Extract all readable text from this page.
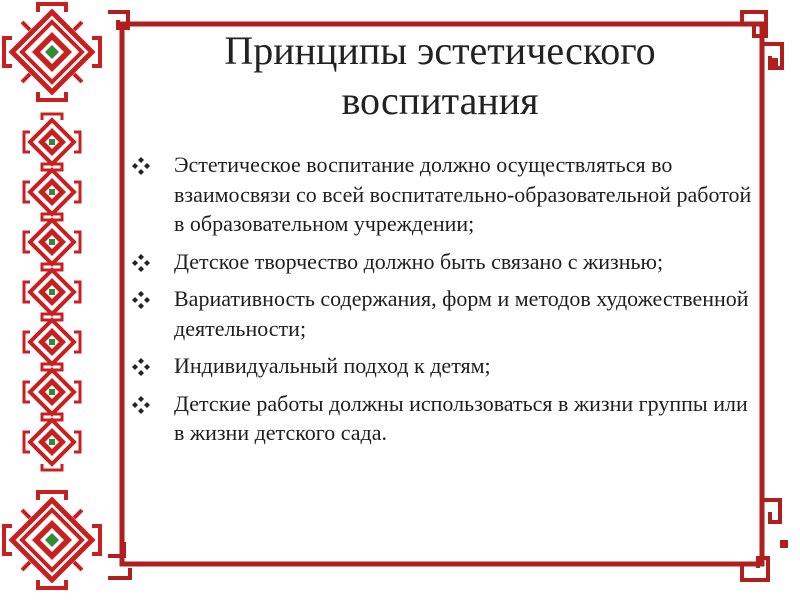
Принципы эстетического
воспитания
Эстетическое воспитание должно осуществляться во взаимосвязи со всей воспитательно-образовательной работой в образовательном учреждении;
Детское творчество должно быть связано с жизнью;
Вариативность содержания, форм и методов художественной деятельности;
Индивидуальный подход к детям;
Детские работы должны использоваться в жизни группы или в жизни детского сада.
